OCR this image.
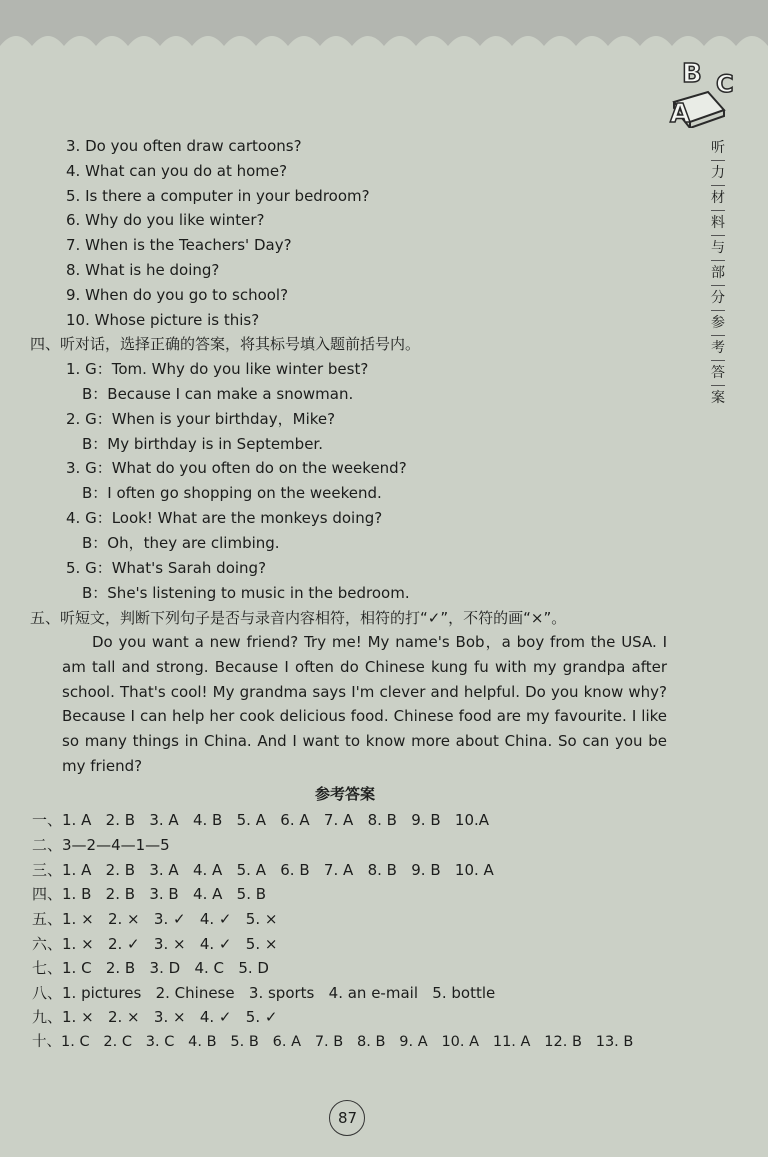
B C
A
听
力
材
料
与
部
分
参
考
答
案
3. Do you often draw cartoons?
4. What can you do at home?
5. Is there a computer in your bedroom?
6. Why do you like winter?
7. When is the Teachers' Day?
8. What is he doing?
9. When do you go to school?
10. Whose picture is this?
四、听对话，选择正确的答案，将其标号填入题前括号内。
1. G：Tom. Why do you like winter best?
B：Because I can make a snowman.
2. G：When is your birthday，Mike?
B：My birthday is in September.
3. G：What do you often do on the weekend?
B：I often go shopping on the weekend.
4. G：Look! What are the monkeys doing?
B：Oh，they are climbing.
5. G：What's Sarah doing?
B：She's listening to music in the bedroom.
五、听短文，判断下列句子是否与录音内容相符，相符的打“✓”，不符的画“×”。
Do you want a new friend? Try me! My name's Bob，a boy from the USA. I am tall and strong. Because I often do Chinese kung fu with my grandpa after school. That's cool! My grandma says I'm clever and helpful. Do you know why? Because I can help her cook delicious food. Chinese food are my favourite. I like so many things in China. And I want to know more about China. So can you be my friend?
参考答案
一、1. A   2. B   3. A   4. B   5. A   6. A   7. A   8. B   9. B   10.A
二、3—2—4—1—5
三、1. A   2. B   3. A   4. A   5. A   6. B   7. A   8. B   9. B   10. A
四、1. B   2. B   3. B   4. A   5. B
五、1. ×   2. ×   3. ✓   4. ✓   5. ×
六、1. ×   2. ✓   3. ×   4. ✓   5. ×
七、1. C   2. B   3. D   4. C   5. D
八、1. pictures   2. Chinese   3. sports   4. an e-mail   5. bottle
九、1. ×   2. ×   3. ×   4. ✓   5. ✓
十、1. C   2. C   3. C   4. B   5. B   6. A   7. B   8. B   9. A   10. A   11. A   12. B   13. B
87
